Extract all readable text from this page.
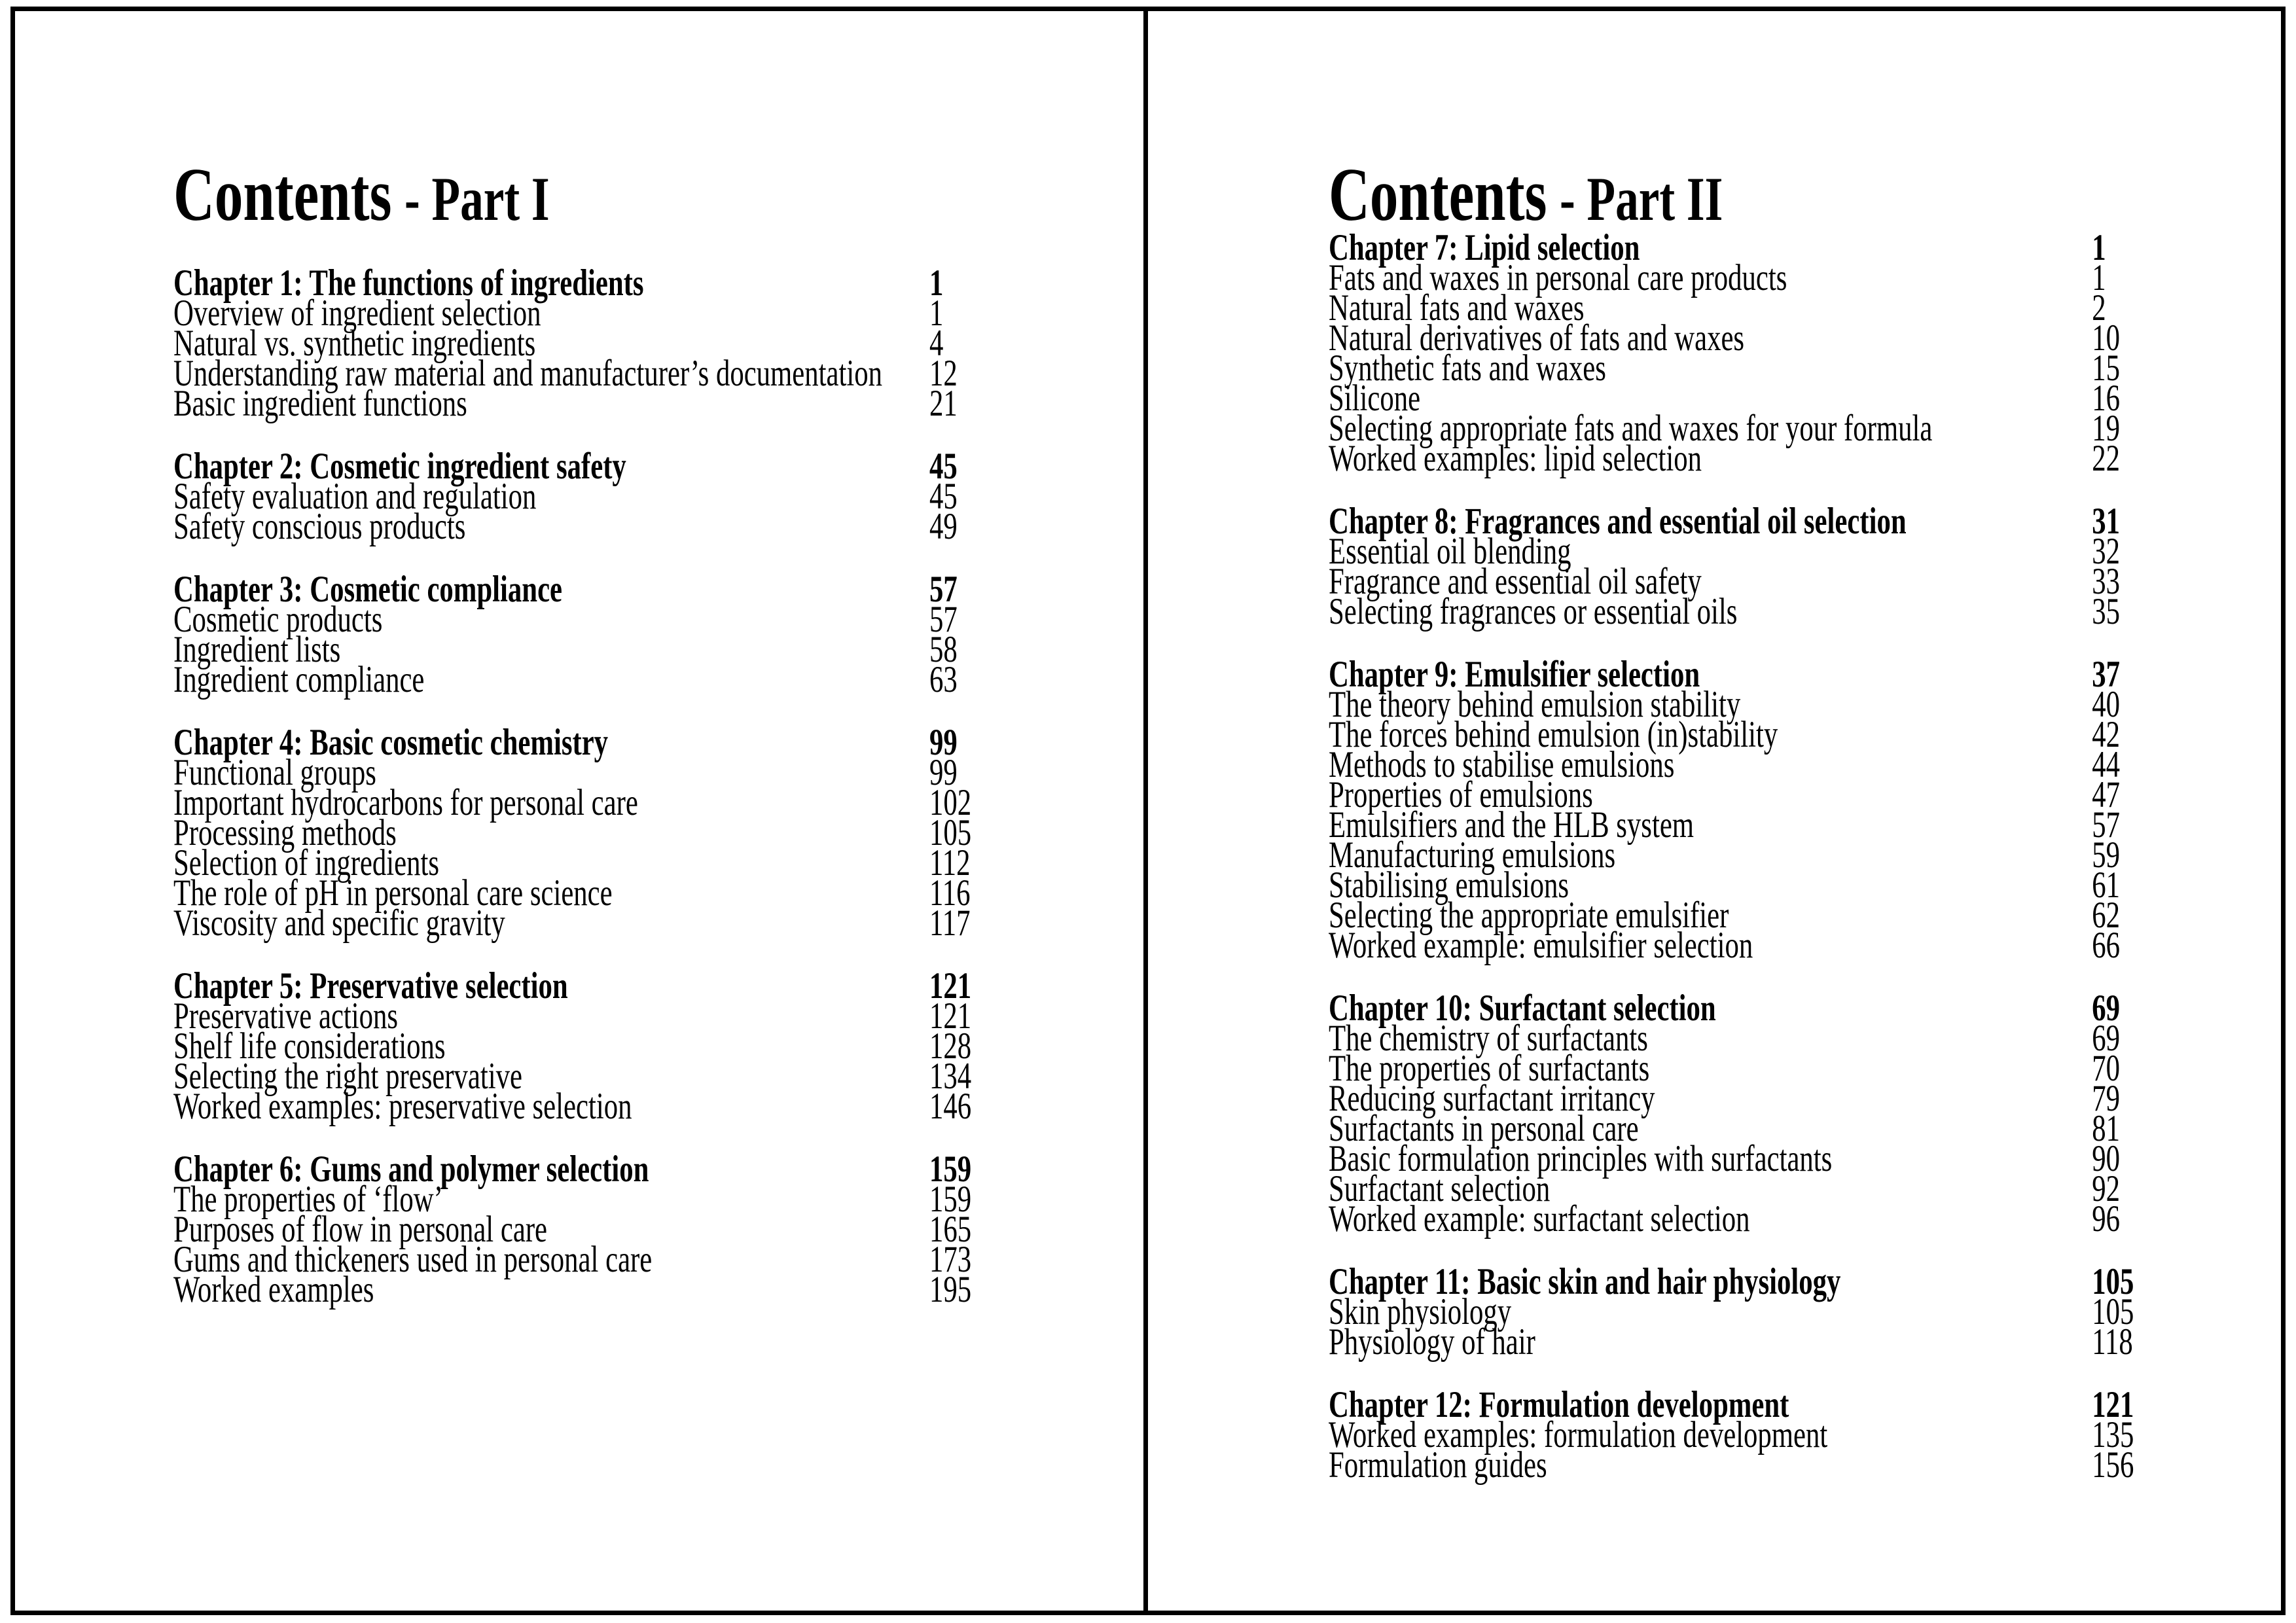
Contents - Part I
Chapter 1: The functions of ingredients	1
Overview of ingredient selection	1
Natural vs. synthetic ingredients	4
Understanding raw material and manufacturer’s documentation	12
Basic ingredient functions	21
Chapter 2: Cosmetic ingredient safety	45
Safety evaluation and regulation	45
Safety conscious products	49
Chapter 3: Cosmetic compliance	57
Cosmetic products	57
Ingredient lists	58
Ingredient compliance	63
Chapter 4: Basic cosmetic chemistry	99
Functional groups	99
Important hydrocarbons for personal care	102
Processing methods	105
Selection of ingredients	112
The role of pH in personal care science	116
Viscosity and specific gravity	117
Chapter 5: Preservative selection	121
Preservative actions	121
Shelf life considerations	128
Selecting the right preservative	134
Worked examples: preservative selection	146
Chapter 6: Gums and polymer selection	159
The properties of ‘flow’	159
Purposes of flow in personal care	165
Gums and thickeners used in personal care	173
Worked examples	195
Contents - Part II
Chapter 7: Lipid selection	1
Fats and waxes in personal care products	1
Natural fats and waxes	2
Natural derivatives of fats and waxes	10
Synthetic fats and waxes	15
Silicone	16
Selecting appropriate fats and waxes for your formula	19
Worked examples: lipid selection	22
Chapter 8: Fragrances and essential oil selection	31
Essential oil blending	32
Fragrance and essential oil safety	33
Selecting fragrances or essential oils	35
Chapter 9: Emulsifier selection	37
The theory behind emulsion stability	40
The forces behind emulsion (in)stability	42
Methods to stabilise emulsions	44
Properties of emulsions	47
Emulsifiers and the HLB system	57
Manufacturing emulsions	59
Stabilising emulsions	61
Selecting the appropriate emulsifier	62
Worked example: emulsifier selection	66
Chapter 10: Surfactant selection	69
The chemistry of surfactants	69
The properties of surfactants	70
Reducing surfactant irritancy	79
Surfactants in personal care	81
Basic formulation principles with surfactants	90
Surfactant selection	92
Worked example: surfactant selection	96
Chapter 11: Basic skin and hair physiology	105
Skin physiology	105
Physiology of hair	118
Chapter 12: Formulation development	121
Worked examples: formulation development	135
Formulation guides	156
